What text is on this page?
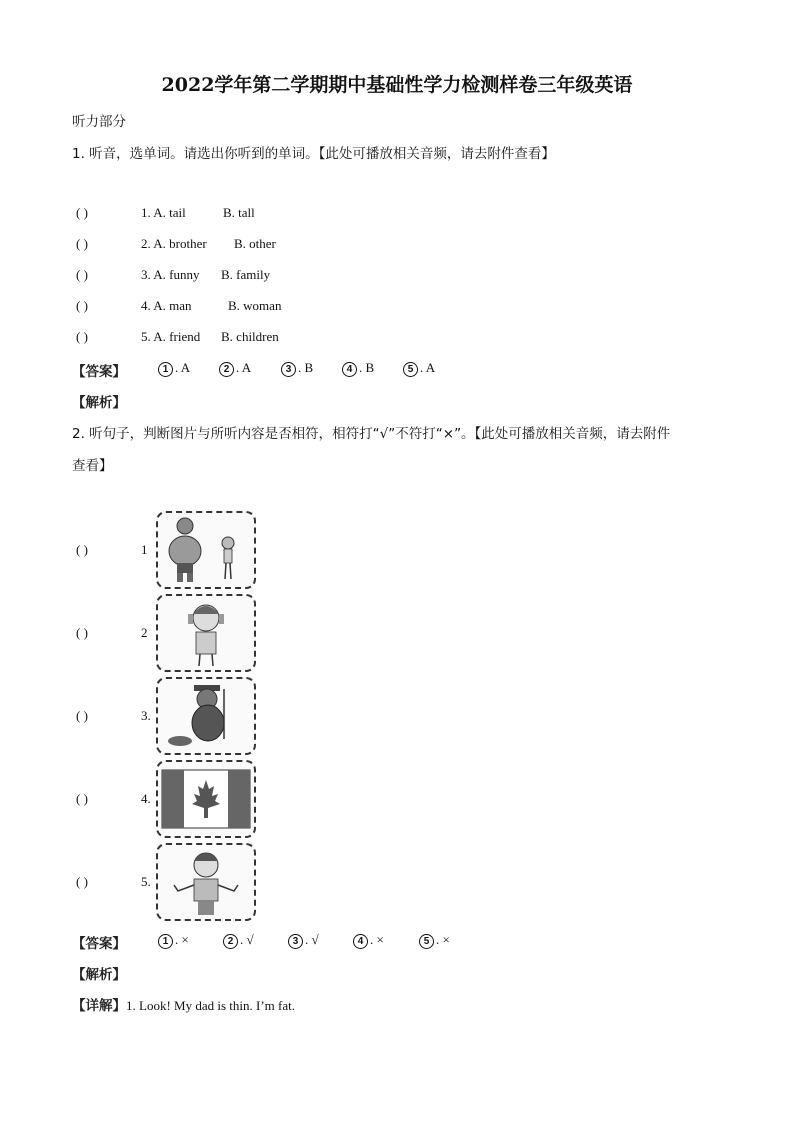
2022学年第二学期期中基础性学力检测样卷三年级英语
听力部分
1. 听音，选单词。请选出你听到的单词。【此处可播放相关音频，请去附件查看】
( )	1. A. tail	B. tall
( )	2. A. brother B. other
( )	3. A. funny B. family
( )	4. A. man	B. woman
( )	5. A. friend B. children
【答案】	1 . A	2 . A	3 . B	4 . B	5 . A
【解析】
2. 听句子，判断图片与所听内容是否相符，相符打“√”不符打“×”。【此处可播放相关音频，请去附件
查看】
( )	1
( )	2
( )	3.
( )	4.
( )	5.
【答案】	1 . ×	2 . √	3 . √	4 . ×	5 . ×
【解析】
【详解】1. Look! My dad is thin. I’m fat.
